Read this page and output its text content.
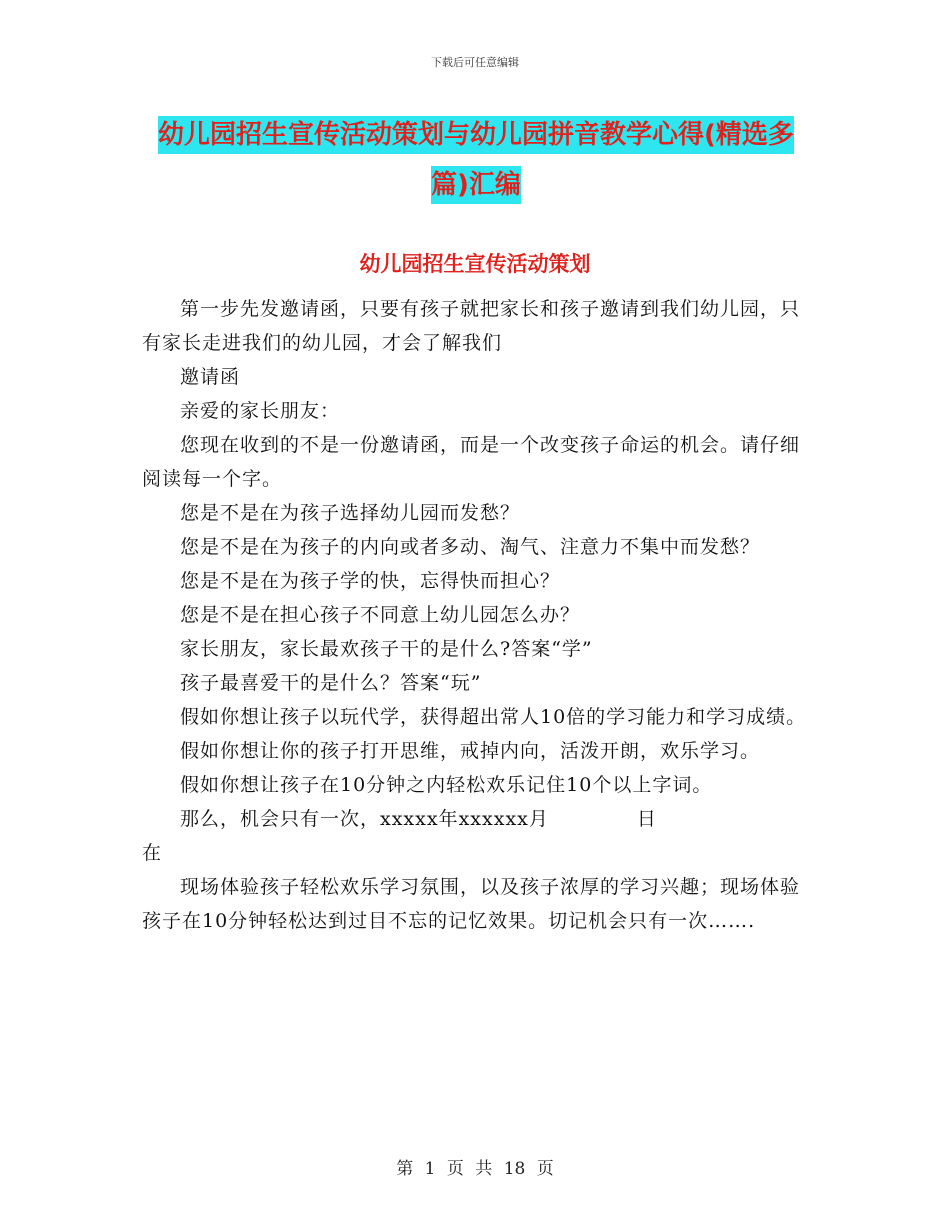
下载后可任意编辑
幼儿园招生宣传活动策划与幼儿园拼音教学心得(精选多篇)汇编
幼儿园招生宣传活动策划

第一步先发邀请函，只要有孩子就把家长和孩子邀请到我们幼儿园，只有家长走进我们的幼儿园，才会了解我们

邀请函

亲爱的家长朋友：

您现在收到的不是一份邀请函，而是一个改变孩子命运的机会。请仔细阅读每一个字。

您是不是在为孩子选择幼儿园而发愁？

您是不是在为孩子的内向或者多动、淘气、注意力不集中而发愁？

您是不是在为孩子学的快，忘得快而担心？

您是不是在担心孩子不同意上幼儿园怎么办？

家长朋友，家长最欢孩子干的是什么?答案“学”

孩子最喜爱干的是什么？答案“玩”

假如你想让孩子以玩代学，获得超出常人10倍的学习能力和学习成绩。

假如你想让你的孩子打开思维，戒掉内向，活泼开朗，欢乐学习。

假如你想让孩子在10分钟之内轻松欢乐记住10个以上字词。

那么，机会只有一次，xxxxx年xxxxxx月	日

在

现场体验孩子轻松欢乐学习氛围，以及孩子浓厚的学习兴趣；现场体验孩子在10分钟轻松达到过目不忘的记忆效果。切记机会只有一次…….

第 1 页 共 18 页
